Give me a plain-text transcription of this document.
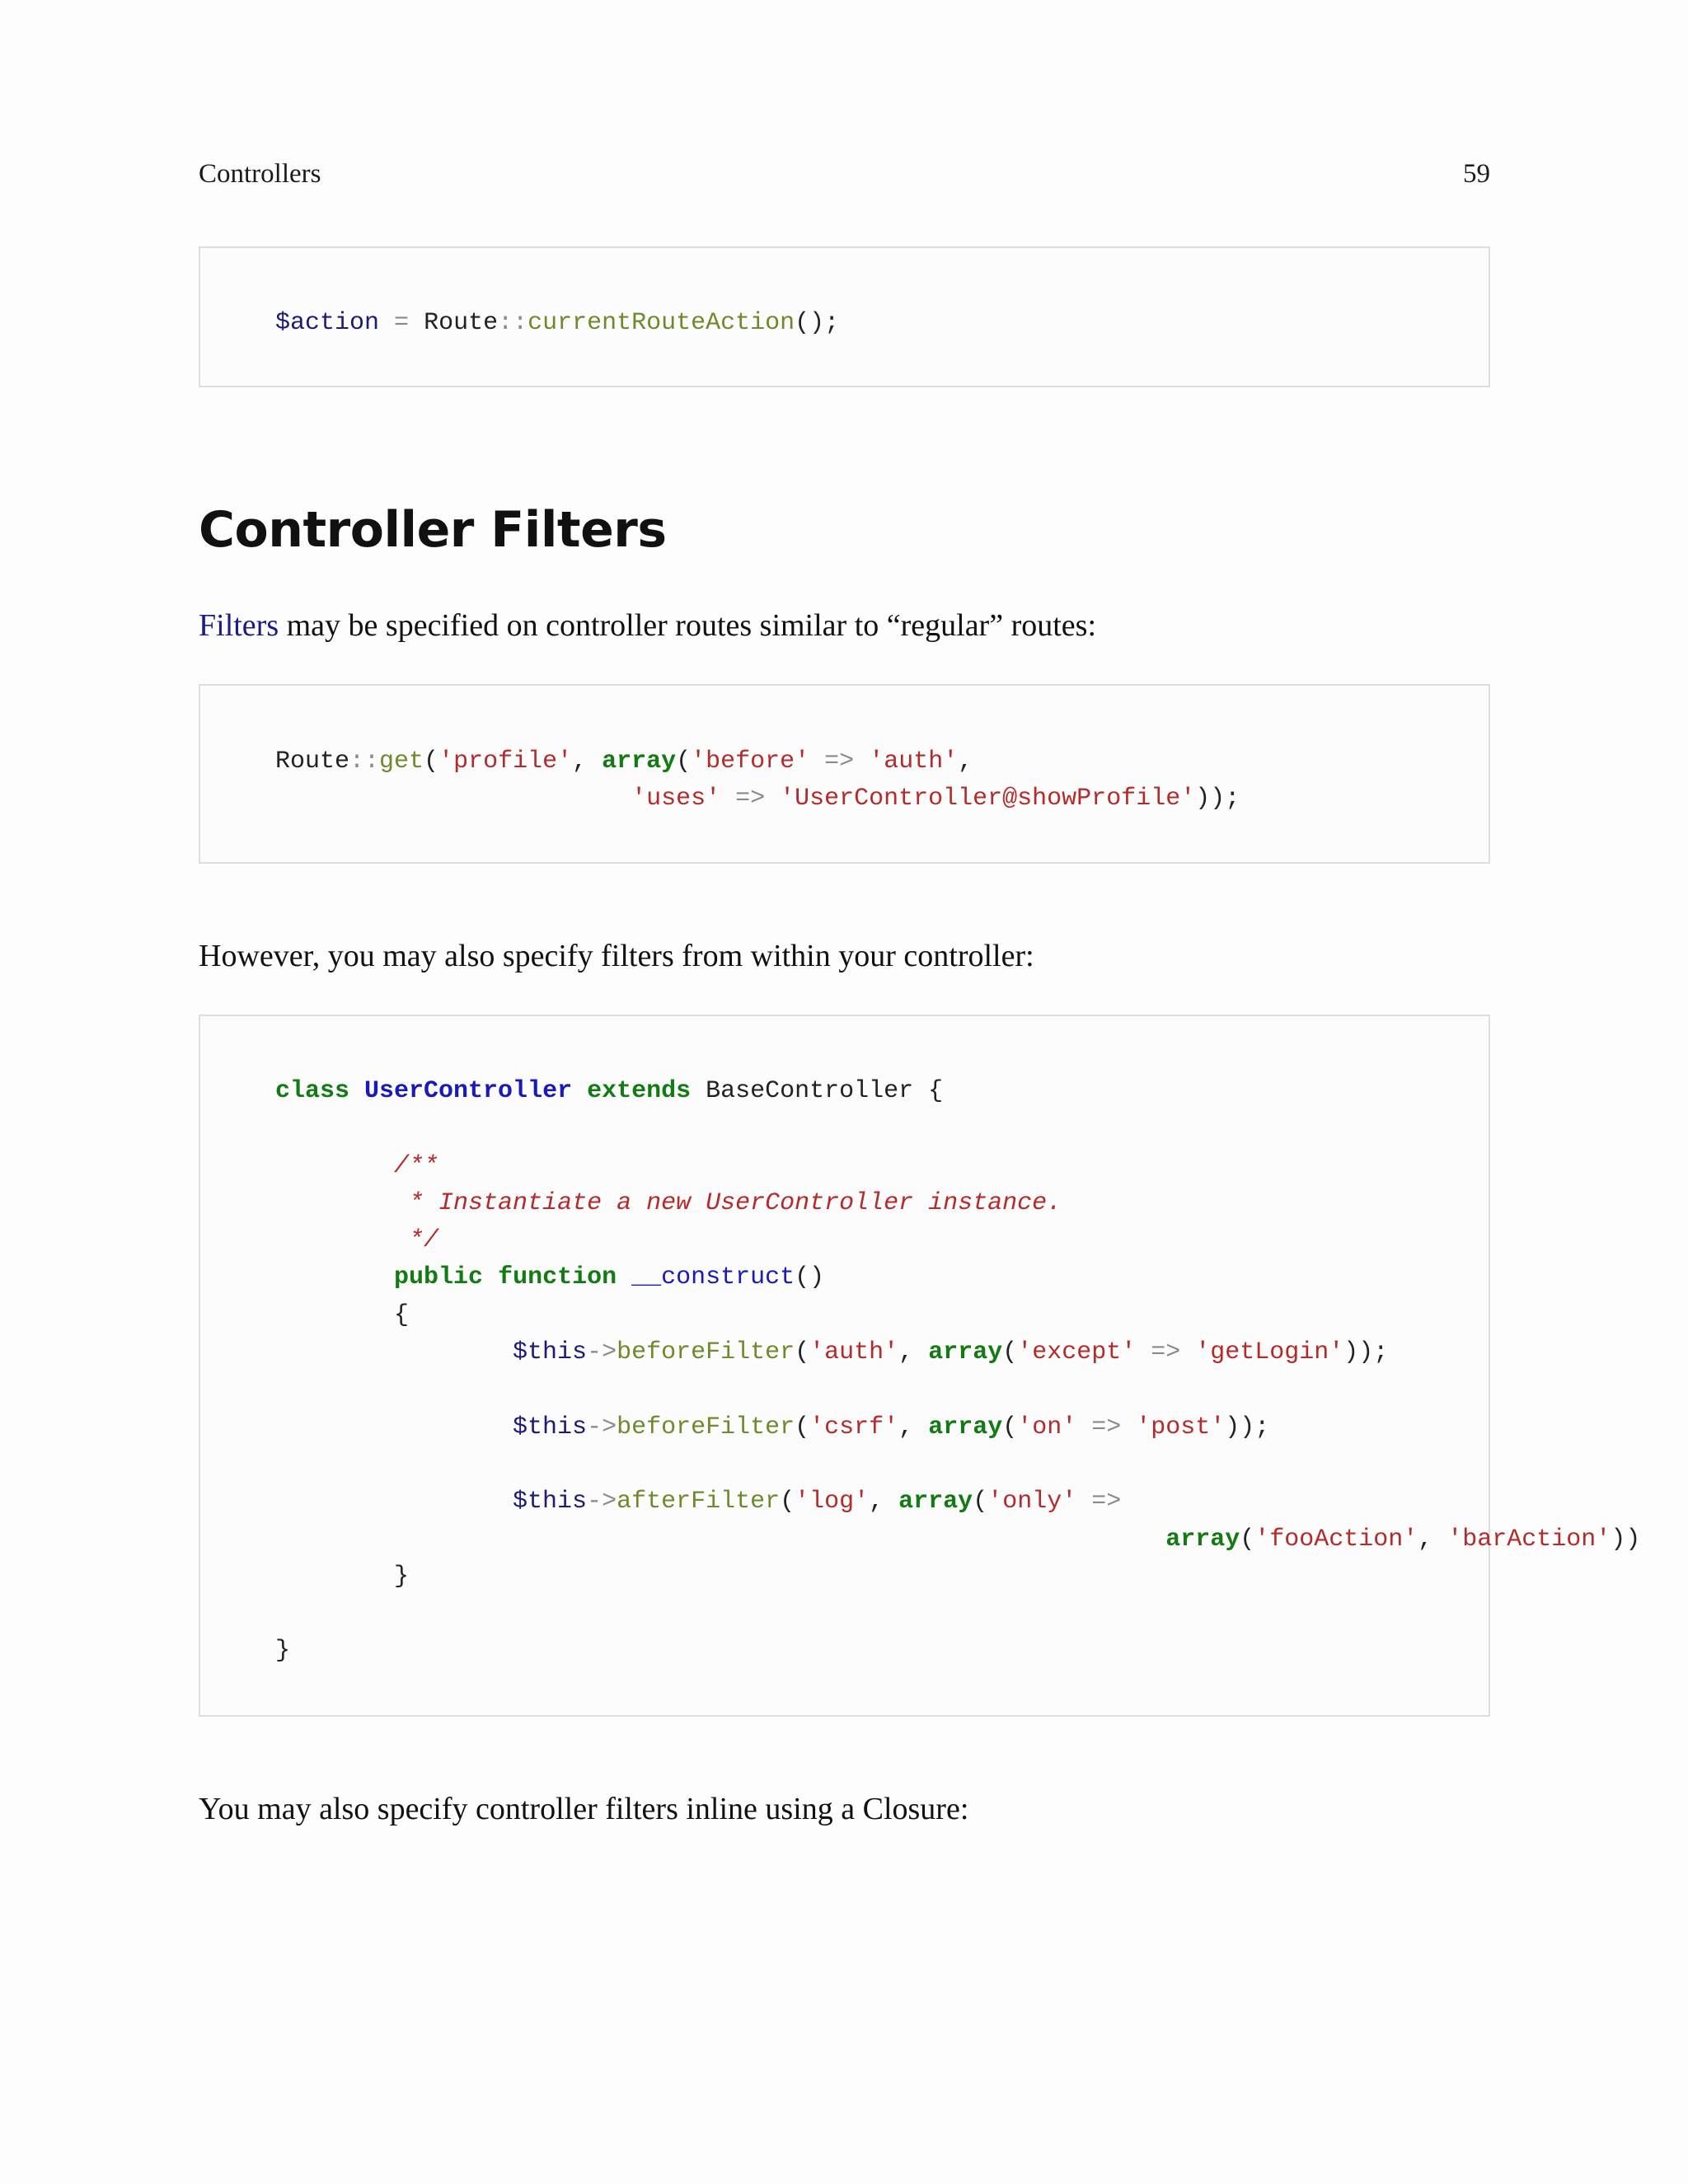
Controllers	59
$action = Route::currentRouteAction();
Controller Filters

Filters may be specified on controller routes similar to “regular” routes:

Route::get('profile', array('before' => 'auth',
'uses' => 'UserController@showProfile'));

However, you may also specify filters from within your controller:

class UserController extends BaseController {

/**
* Instantiate a new UserController instance.
*/
public function __construct()
{
$this->beforeFilter('auth', array('except' => 'getLogin'));

$this->beforeFilter('csrf', array('on' => 'post'));

$this->afterFilter('log', array('only' =>
array('fooAction', 'barAction'))
}

}

You may also specify controller filters inline using a Closure:
